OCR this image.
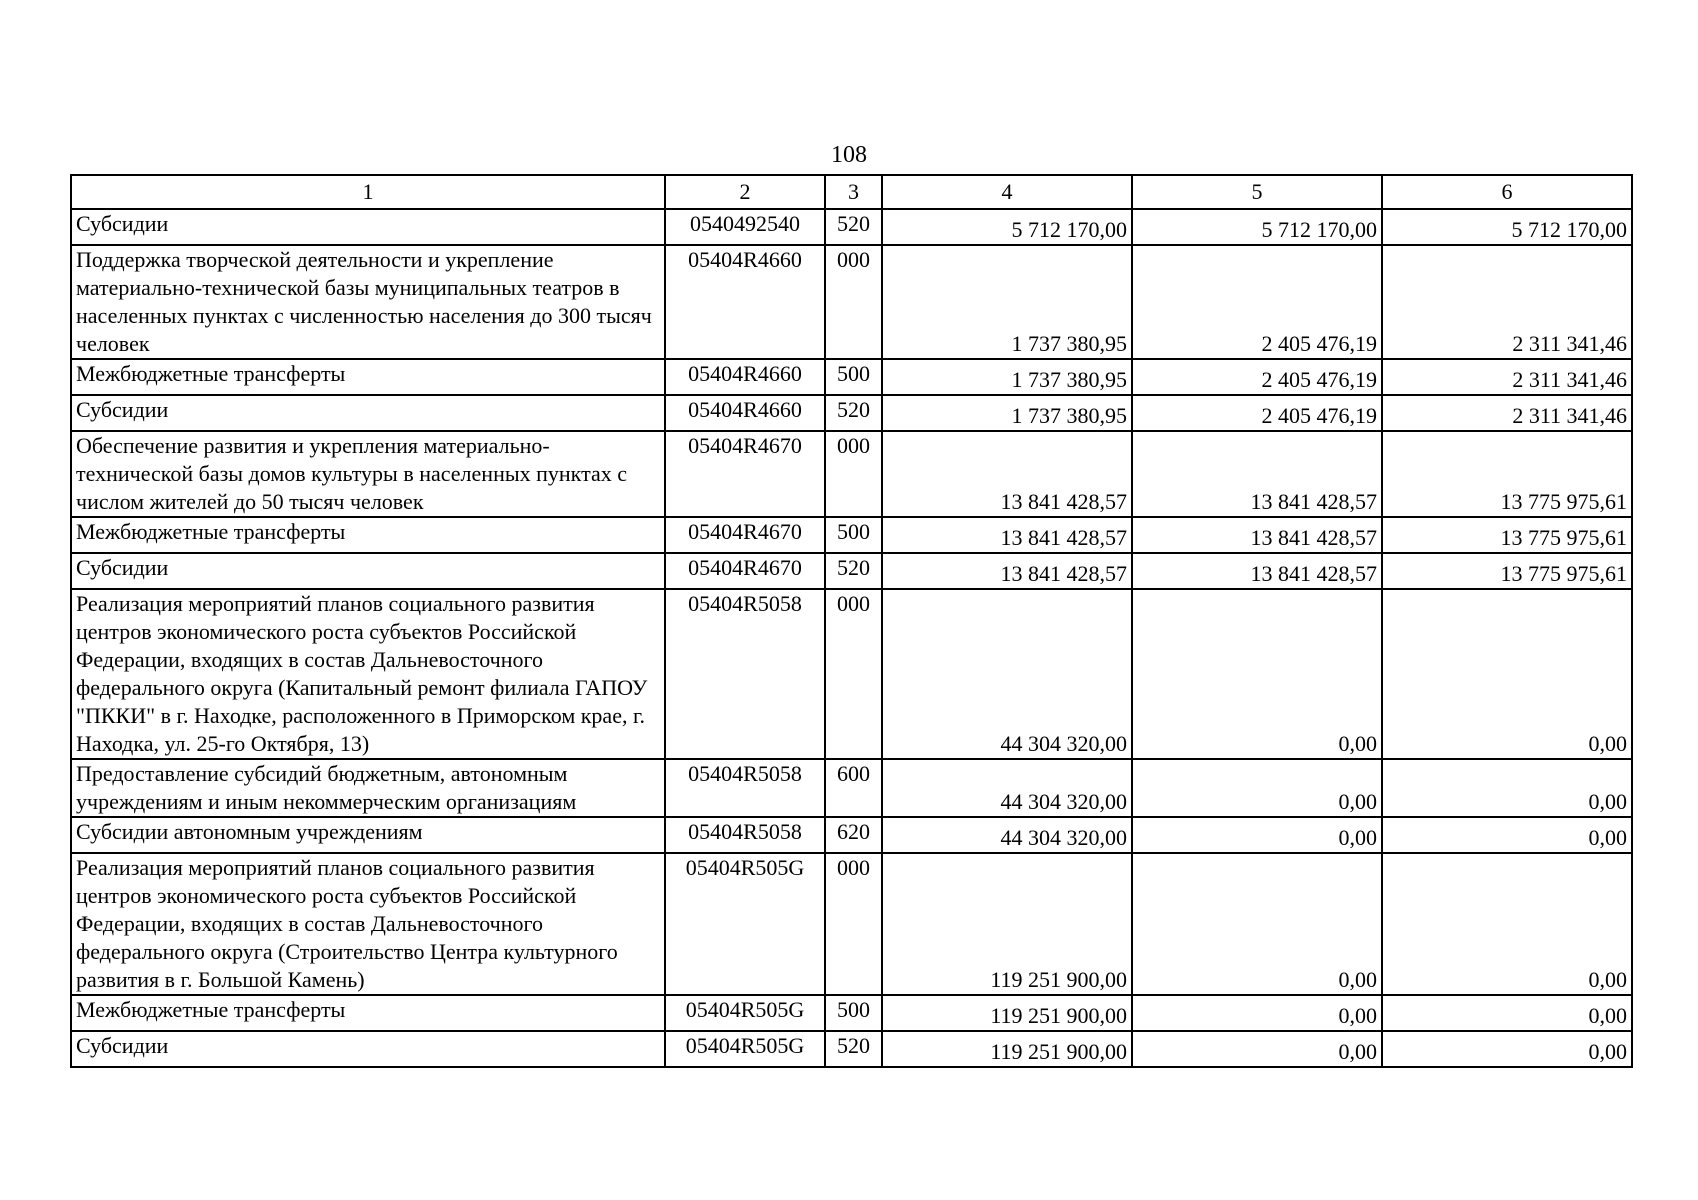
108
1	2	3	4	5	6
Субсидии	0540492540	520	5 712 170,00	5 712 170,00	5 712 170,00
Поддержка творческой деятельности и укрепление материально-технической базы муниципальных театров в населенных пунктах с численностью населения до 300 тысяч человек	05404R4660	000	1 737 380,95	2 405 476,19	2 311 341,46
Межбюджетные трансферты	05404R4660	500	1 737 380,95	2 405 476,19	2 311 341,46
Субсидии	05404R4660	520	1 737 380,95	2 405 476,19	2 311 341,46
Обеспечение развития и укрепления материально-технической базы домов культуры в населенных пунктах с числом жителей до 50 тысяч человек	05404R4670	000	13 841 428,57	13 841 428,57	13 775 975,61
Межбюджетные трансферты	05404R4670	500	13 841 428,57	13 841 428,57	13 775 975,61
Субсидии	05404R4670	520	13 841 428,57	13 841 428,57	13 775 975,61
Реализация мероприятий планов социального развития центров экономического роста субъектов Российской Федерации, входящих в состав Дальневосточного федерального округа (Капитальный ремонт филиала ГАПОУ "ПККИ" в г. Находке, расположенного в Приморском крае, г. Находка, ул. 25-го Октября, 13)	05404R5058	000	44 304 320,00	0,00	0,00
Предоставление субсидий бюджетным, автономным учреждениям и иным некоммерческим организациям	05404R5058	600	44 304 320,00	0,00	0,00
Субсидии автономным учреждениям	05404R5058	620	44 304 320,00	0,00	0,00
Реализация мероприятий планов социального развития центров экономического роста субъектов Российской Федерации, входящих в состав Дальневосточного федерального округа (Строительство Центра культурного развития в г. Большой Камень)	05404R505G	000	119 251 900,00	0,00	0,00
Межбюджетные трансферты	05404R505G	500	119 251 900,00	0,00	0,00
Субсидии	05404R505G	520	119 251 900,00	0,00	0,00
